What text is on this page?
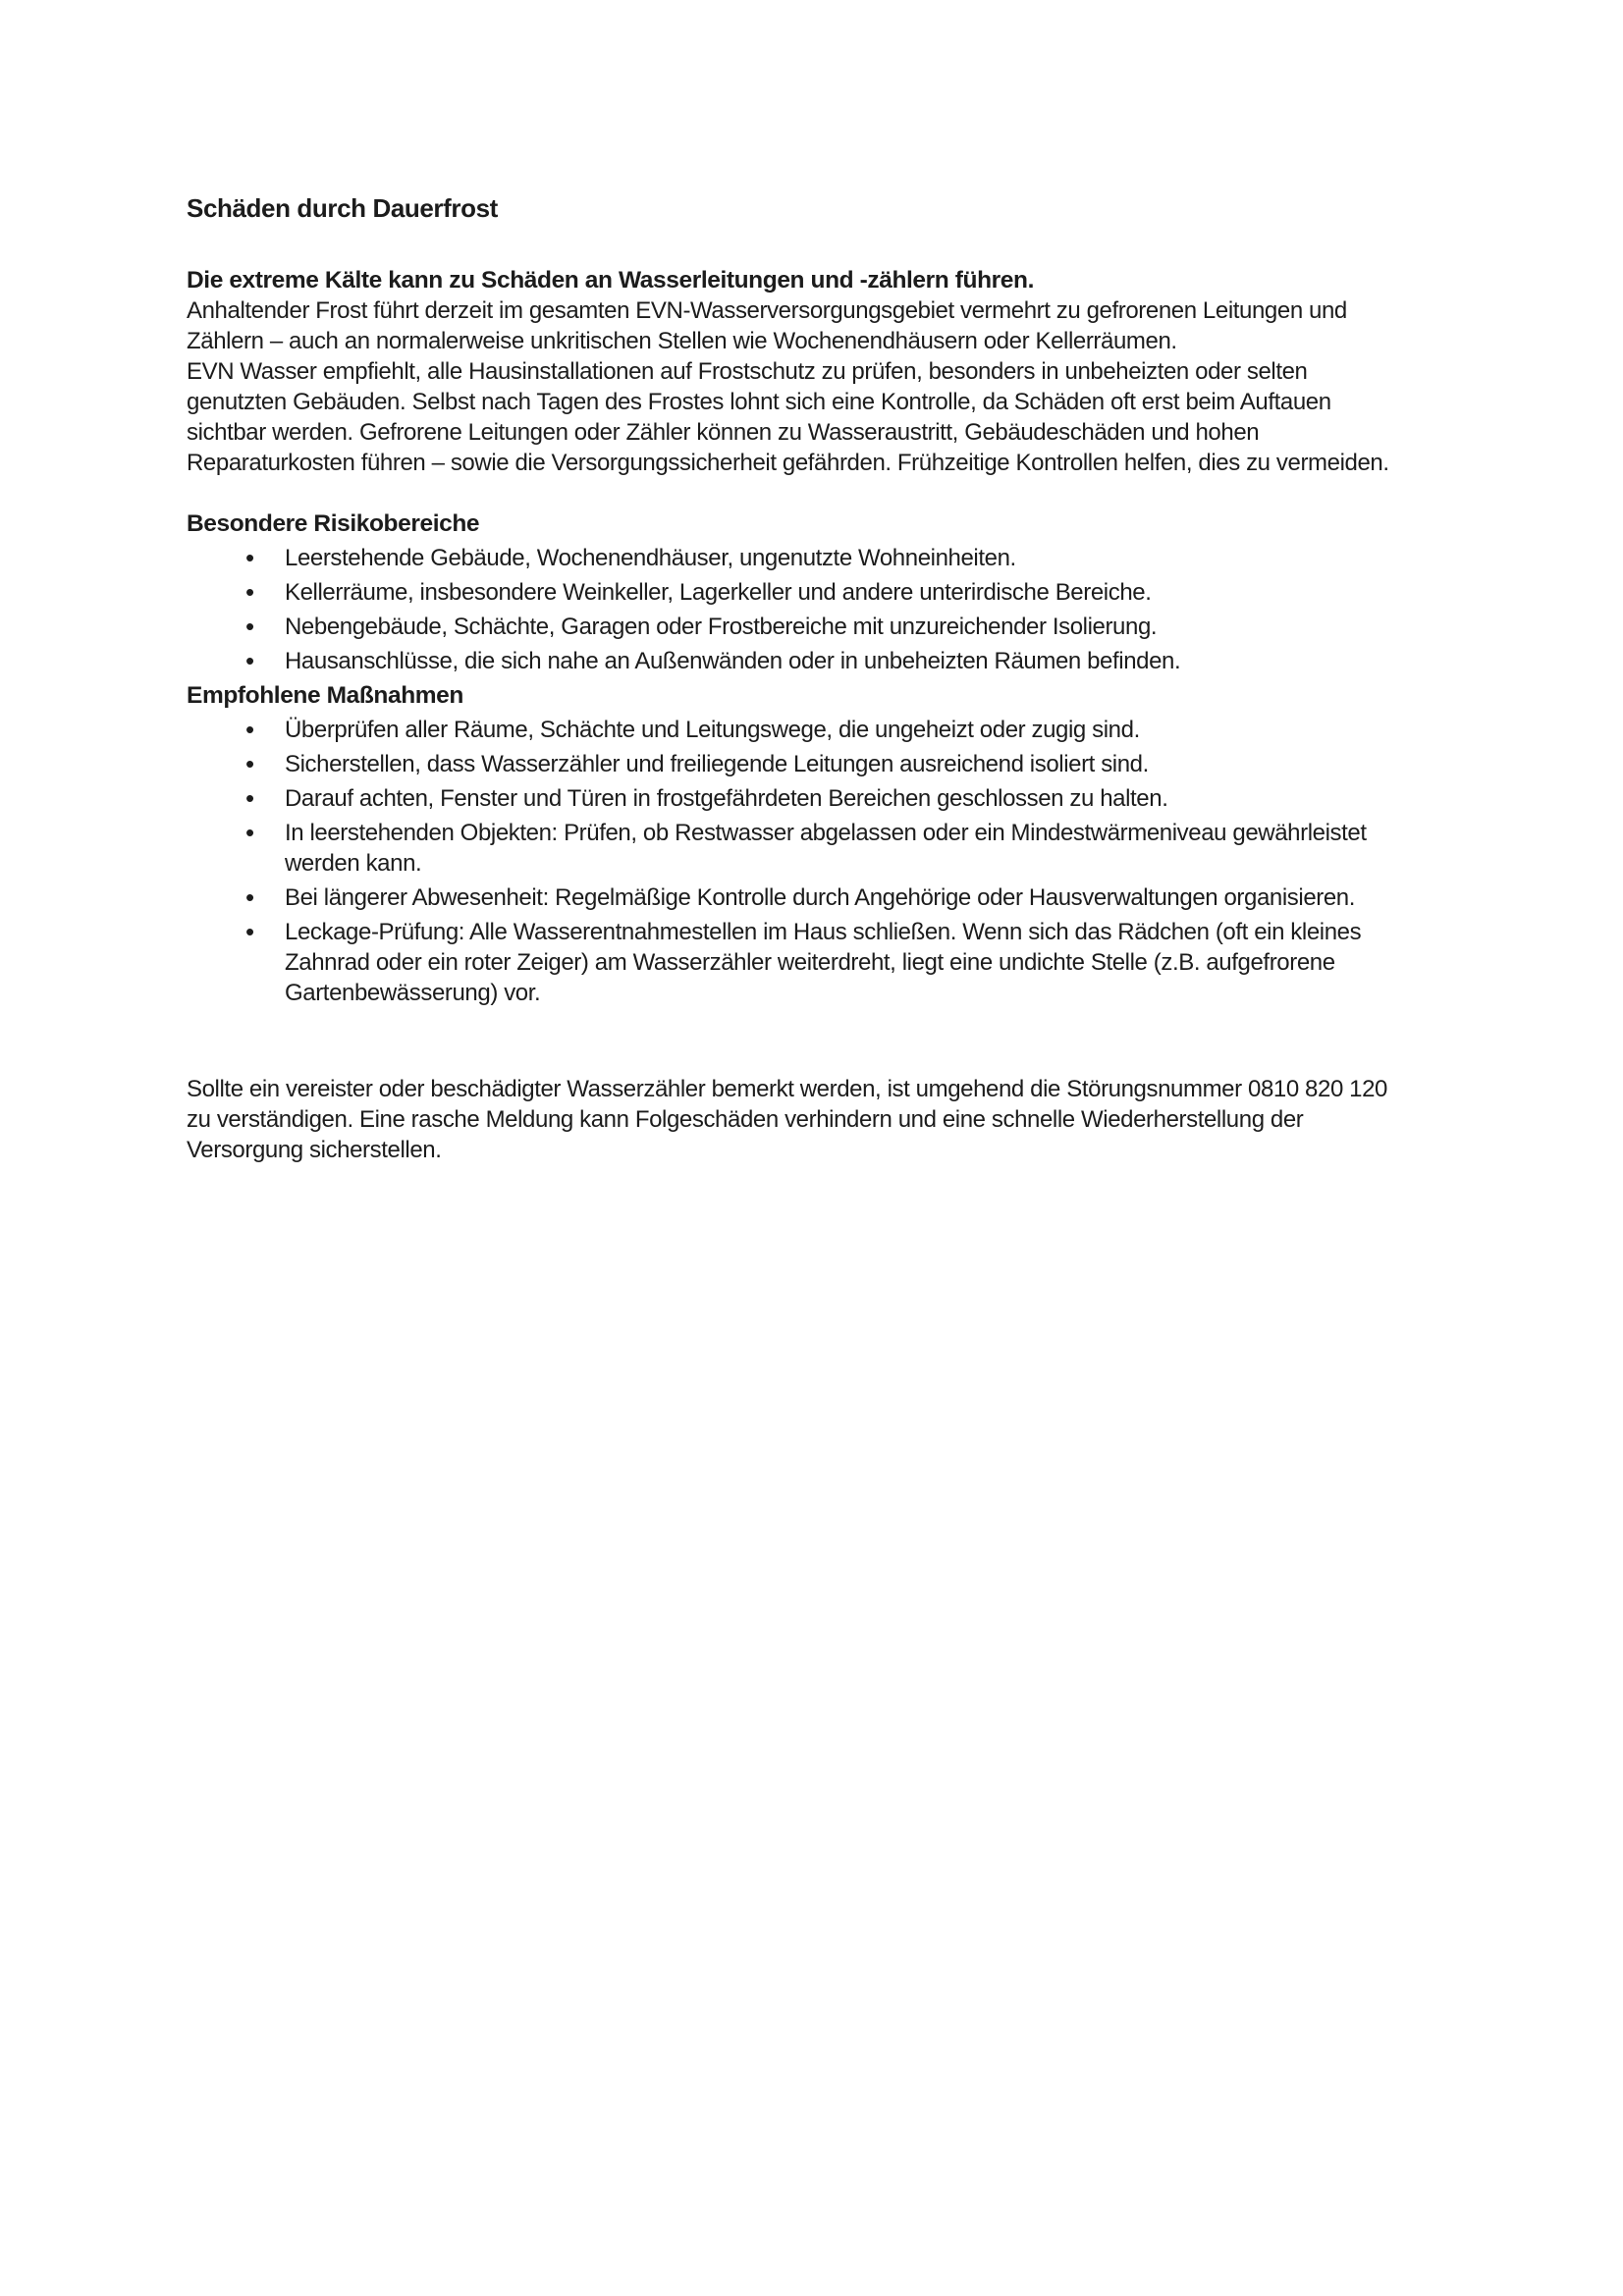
Schäden durch Dauerfrost

Die extreme Kälte kann zu Schäden an Wasserleitungen und -zählern führen.

Anhaltender Frost führt derzeit im gesamten EVN-Wasserversorgungsgebiet vermehrt zu gefrorenen Leitungen und Zählern – auch an normalerweise unkritischen Stellen wie Wochenendhäusern oder Kellerräumen.

EVN Wasser empfiehlt, alle Hausinstallationen auf Frostschutz zu prüfen, besonders in unbeheizten oder selten genutzten Gebäuden. Selbst nach Tagen des Frostes lohnt sich eine Kontrolle, da Schäden oft erst beim Auftauen sichtbar werden. Gefrorene Leitungen oder Zähler können zu Wasseraustritt, Gebäudeschäden und hohen Reparaturkosten führen – sowie die Versorgungssicherheit gefährden. Frühzeitige Kontrollen helfen, dies zu vermeiden.

Besondere Risikobereiche
• Leerstehende Gebäude, Wochenendhäuser, ungenutzte Wohneinheiten.
• Kellerräume, insbesondere Weinkeller, Lagerkeller und andere unterirdische Bereiche.
• Nebengebäude, Schächte, Garagen oder Frostbereiche mit unzureichender Isolierung.
• Hausanschlüsse, die sich nahe an Außenwänden oder in unbeheizten Räumen befinden.
Empfohlene Maßnahmen
• Überprüfen aller Räume, Schächte und Leitungswege, die ungeheizt oder zugig sind.
• Sicherstellen, dass Wasserzähler und freiliegende Leitungen ausreichend isoliert sind.
• Darauf achten, Fenster und Türen in frostgefährdeten Bereichen geschlossen zu halten.
• In leerstehenden Objekten: Prüfen, ob Restwasser abgelassen oder ein Mindestwärmeniveau gewährleistet werden kann.
• Bei längerer Abwesenheit: Regelmäßige Kontrolle durch Angehörige oder Hausverwaltungen organisieren.
• Leckage-Prüfung: Alle Wasserentnahmestellen im Haus schließen. Wenn sich das Rädchen (oft ein kleines Zahnrad oder ein roter Zeiger) am Wasserzähler weiterdreht, liegt eine undichte Stelle (z.B. aufgefrorene Gartenbewässerung) vor.

Sollte ein vereister oder beschädigter Wasserzähler bemerkt werden, ist umgehend die Störungsnummer 0810 820 120 zu verständigen. Eine rasche Meldung kann Folgeschäden verhindern und eine schnelle Wiederherstellung der Versorgung sicherstellen.
